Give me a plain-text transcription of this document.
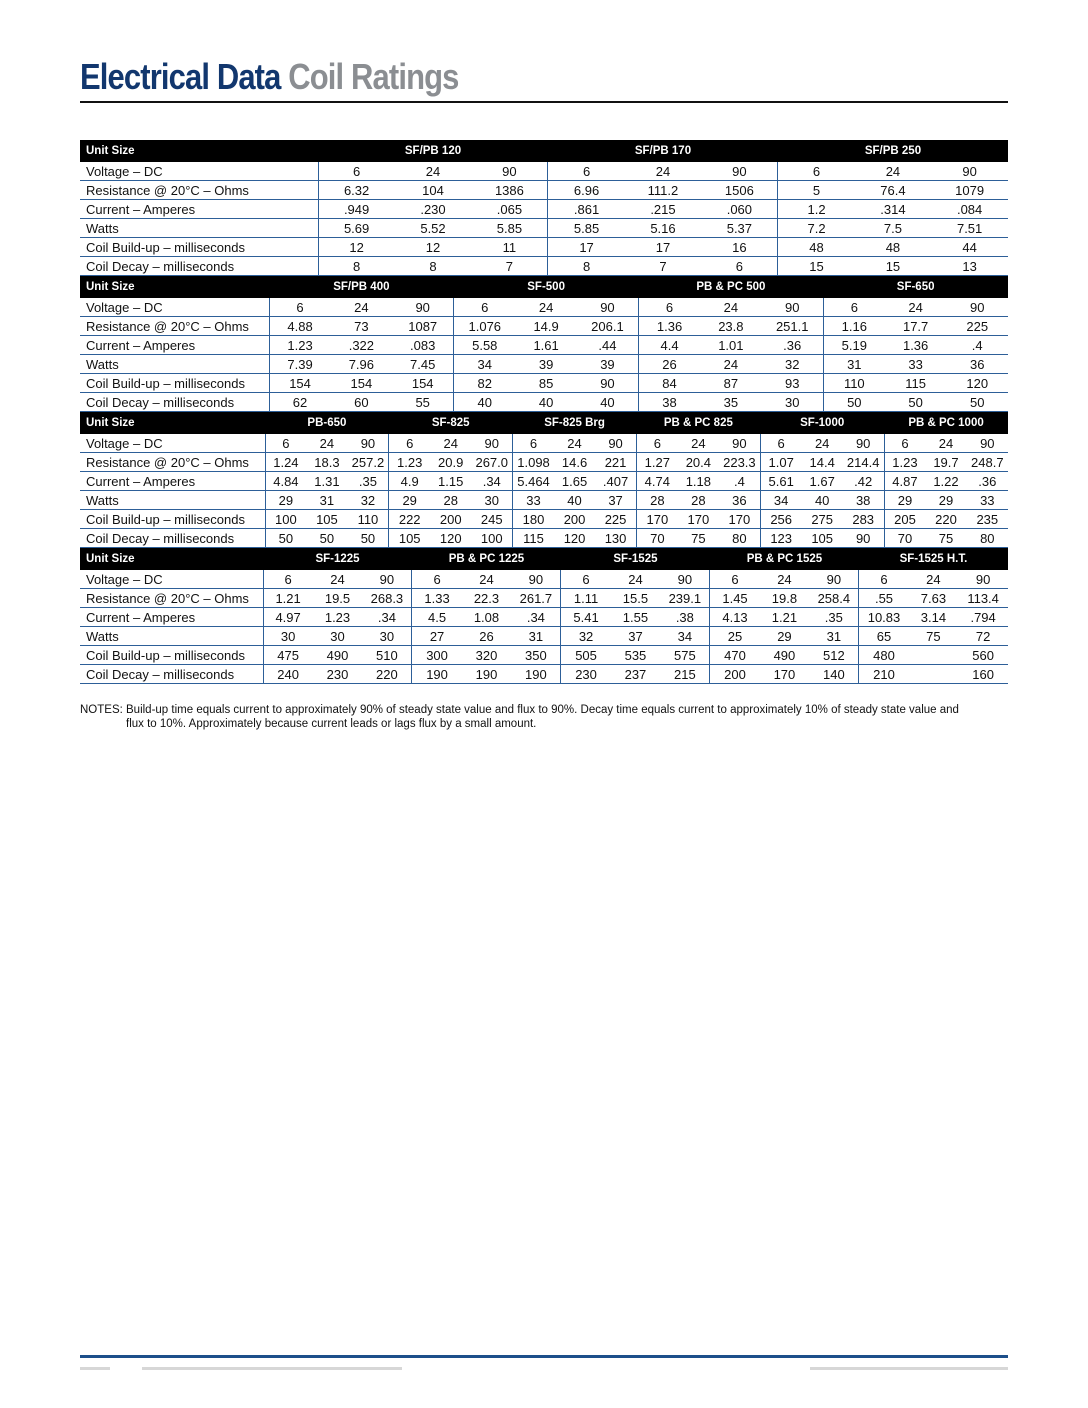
Electrical Data Coil Ratings
Unit Size	SF/PB 120			SF/PB 170			SF/PB 250		
Voltage – DC	6	24	90	6	24	90	6	24	90
Resistance @ 20°C – Ohms	6.32	104	1386	6.96	111.2	1506	5	76.4	1079
Current – Amperes	.949	.230	.065	.861	.215	.060	1.2	.314	.084
Watts	5.69	5.52	5.85	5.85	5.16	5.37	7.2	7.5	7.51
Coil Build-up – milliseconds	12	12	11	17	17	16	48	48	44
Coil Decay – milliseconds	8	8	7	8	7	6	15	15	13
Unit Size	SF/PB 400			SF-500			PB & PC 500			SF-650		
Voltage – DC	6	24	90	6	24	90	6	24	90	6	24	90
Resistance @ 20°C – Ohms	4.88	73	1087	1.076	14.9	206.1	1.36	23.8	251.1	1.16	17.7	225
Current – Amperes	1.23	.322	.083	5.58	1.61	.44	4.4	1.01	.36	5.19	1.36	.4
Watts	7.39	7.96	7.45	34	39	39	26	24	32	31	33	36
Coil Build-up – milliseconds	154	154	154	82	85	90	84	87	93	110	115	120
Coil Decay – milliseconds	62	60	55	40	40	40	38	35	30	50	50	50
Unit Size	PB-650			SF-825			SF-825 Brg			PB & PC 825			SF-1000			PB & PC 1000		
Voltage – DC	6	24	90	6	24	90	6	24	90	6	24	90	6	24	90	6	24	90
Resistance @ 20°C – Ohms	1.24	18.3	257.2	1.23	20.9	267.0	1.098	14.6	221	1.27	20.4	223.3	1.07	14.4	214.4	1.23	19.7	248.7
Current – Amperes	4.84	1.31	.35	4.9	1.15	.34	5.464	1.65	.407	4.74	1.18	.4	5.61	1.67	.42	4.87	1.22	.36
Watts	29	31	32	29	28	30	33	40	37	28	28	36	34	40	38	29	29	33
Coil Build-up – milliseconds	100	105	110	222	200	245	180	200	225	170	170	170	256	275	283	205	220	235
Coil Decay – milliseconds	50	50	50	105	120	100	115	120	130	70	75	80	123	105	90	70	75	80
Unit Size	SF-1225			PB & PC 1225			SF-1525			PB & PC 1525			SF-1525 H.T.		
Voltage – DC	6	24	90	6	24	90	6	24	90	6	24	90	6	24	90
Resistance @ 20°C – Ohms	1.21	19.5	268.3	1.33	22.3	261.7	1.11	15.5	239.1	1.45	19.8	258.4	.55	7.63	113.4
Current – Amperes	4.97	1.23	.34	4.5	1.08	.34	5.41	1.55	.38	4.13	1.21	.35	10.83	3.14	.794
Watts	30	30	30	27	26	31	32	37	34	25	29	31	65	75	72
Coil Build-up – milliseconds	475	490	510	300	320	350	505	535	575	470	490	512	480		560
Coil Decay – milliseconds	240	230	220	190	190	190	230	237	215	200	170	140	210		160
NOTES: Build-up time equals current to approximately 90% of steady state value and flux to 90%. Decay time equals current to approximately 10% of steady state value and
flux to 10%. Approximately because current leads or lags flux by a small amount.
